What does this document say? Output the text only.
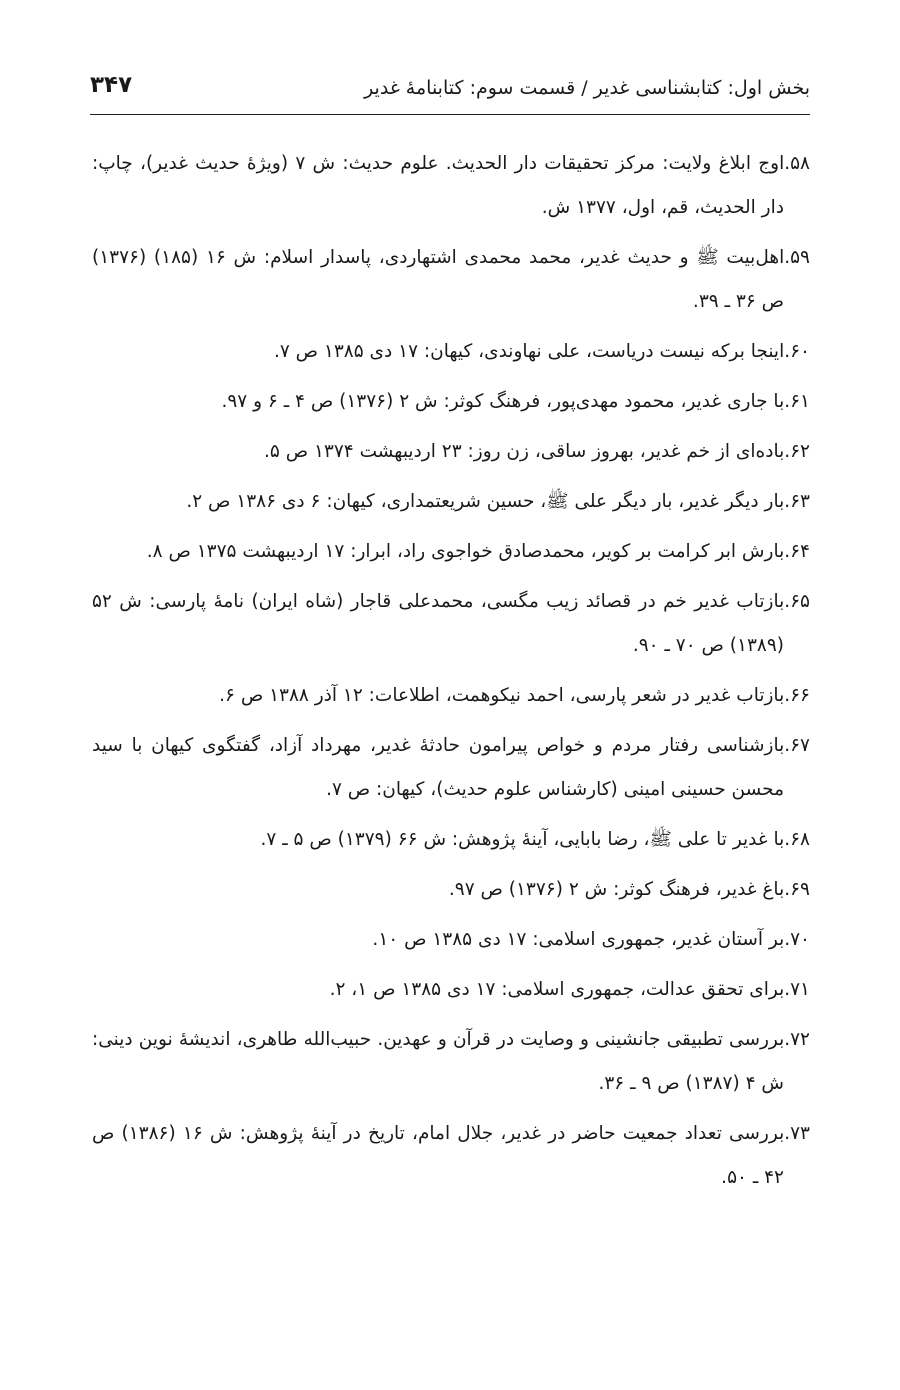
بخش اول: کتابشناسی غدیر / قسمت سوم: کتابنامهٔ غدیر
۳۴۷
۵۸.اوج ابلاغ ولایت: مرکز تحقیقات دار الحدیث. علوم حدیث: ش ۷ (ویژهٔ حدیث غدیر)، چاپ: دار الحدیث، قم، اول، ۱۳۷۷ ش.
۵۹.اهل‌بیت ﷺ و حدیث غدیر، محمد محمدی اشتهاردی، پاسدار اسلام: ش ۱۶ (۱۸۵) (۱۳۷۶) ص ۳۶ ـ ۳۹.
۶۰.اینجا برکه نیست دریاست، علی نهاوندی، کیهان: ۱۷ دی ۱۳۸۵ ص ۷.
۶۱.با جاری غدیر، محمود مهدی‌پور، فرهنگ کوثر: ش ۲ (۱۳۷۶) ص ۴ ـ ۶ و ۹۷.
۶۲.باده‌ای از خم غدیر، بهروز ساقی، زن روز: ۲۳ اردیبهشت ۱۳۷۴ ص ۵.
۶۳.بار دیگر غدیر، بار دیگر علی ﷺ، حسین شریعتمداری، کیهان: ۶ دی ۱۳۸۶ ص ۲.
۶۴.بارش ابر کرامت بر کویر، محمدصادق خواجوی راد، ابرار: ۱۷ اردیبهشت ۱۳۷۵ ص ۸.
۶۵.بازتاب غدیر خم در قصائد زیب مگسی، محمدعلی قاجار (شاه ایران) نامهٔ پارسی: ش ۵۲ (۱۳۸۹) ص ۷۰ ـ ۹۰.
۶۶.بازتاب غدیر در شعر پارسی، احمد نیکوهمت، اطلاعات: ۱۲ آذر ۱۳۸۸ ص ۶.
۶۷.بازشناسی رفتار مردم و خواص پیرامون حادثهٔ غدیر، مهرداد آزاد، گفتگوی کیهان با سید محسن حسینی امینی (کارشناس علوم حدیث)، کیهان: ص ۷.
۶۸.با غدیر تا علی ﷺ، رضا بابایی، آینهٔ پژوهش: ش ۶۶ (۱۳۷۹) ص ۵ ـ ۷.
۶۹.باغ غدیر، فرهنگ کوثر: ش ۲ (۱۳۷۶) ص ۹۷.
۷۰.بر آستان غدیر، جمهوری اسلامی: ۱۷ دی ۱۳۸۵ ص ۱۰.
۷۱.برای تحقق عدالت، جمهوری اسلامی: ۱۷ دی ۱۳۸۵ ص ۱، ۲.
۷۲.بررسی تطبیقی جانشینی و وصایت در قرآن و عهدین. حبیب‌الله طاهری، اندیشهٔ نوین دینی: ش ۴ (۱۳۸۷) ص ۹ ـ ۳۶.
۷۳.بررسی تعداد جمعیت حاضر در غدیر، جلال امام، تاریخ در آینهٔ پژوهش: ش ۱۶ (۱۳۸۶) ص ۴۲ ـ ۵۰.
